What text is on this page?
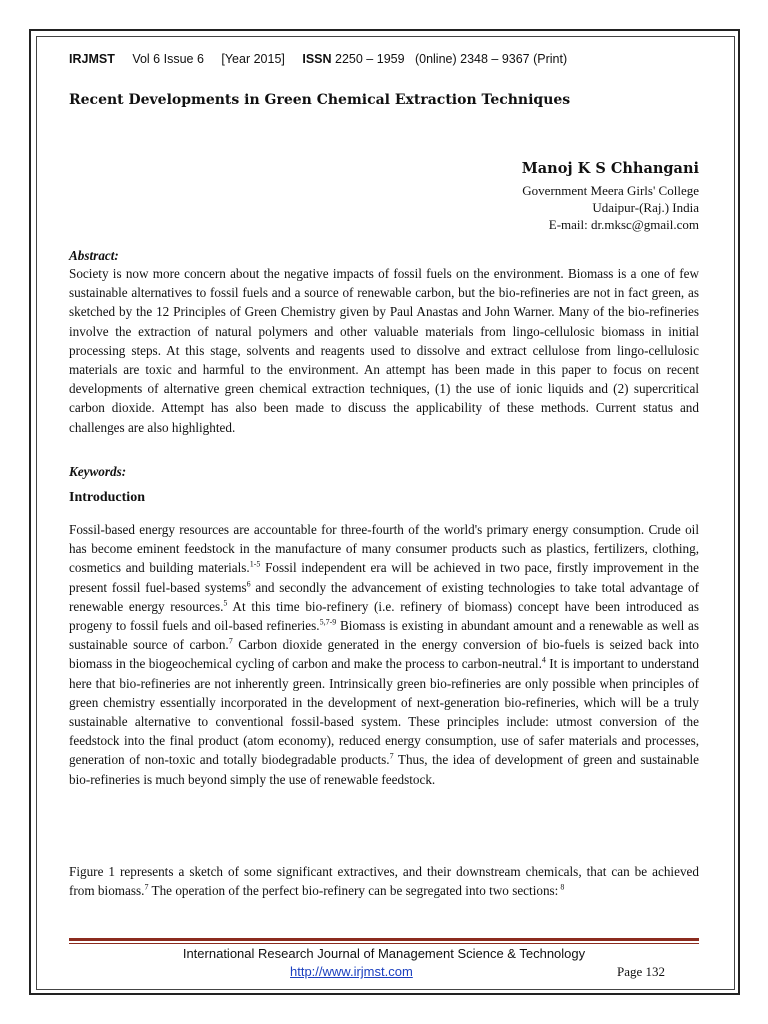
IRJMST Vol 6 Issue 6 [Year 2015] ISSN 2250 – 1959   (0nline) 2348 – 9367 (Print)
Recent Developments in Green Chemical Extraction Techniques
Manoj K S Chhangani
Government Meera Girls' College
Udaipur-(Raj.) India
E-mail: dr.mksc@gmail.com
Abstract:
Society is now more concern about the negative impacts of fossil fuels on the environment. Biomass is a one of few sustainable alternatives to fossil fuels and a source of renewable carbon, but the bio-refineries are not in fact green, as sketched by the 12 Principles of Green Chemistry given by Paul Anastas and John Warner. Many of the bio-refineries involve the extraction of natural polymers and other valuable materials from lingo-cellulosic biomass in initial processing steps. At this stage, solvents and reagents used to dissolve and extract cellulose from lingo-cellulosic materials are toxic and harmful to the environment. An attempt has been made in this paper to focus on recent developments of alternative green chemical extraction techniques, (1) the use of ionic liquids and (2) supercritical carbon dioxide. Attempt has also been made to discuss the applicability of these methods. Current status and challenges are also highlighted.
Keywords:
Introduction
Fossil-based energy resources are accountable for three-fourth of the world's primary energy consumption. Crude oil has become eminent feedstock in the manufacture of many consumer products such as plastics, fertilizers, clothing, cosmetics and building materials.$^{1-5}$ Fossil independent era will be achieved in two pace, firstly improvement in the present fossil fuel-based systems$^6$ and secondly the advancement of existing technologies to take total advantage of renewable energy resources.$^5$ At this time bio-refinery (i.e. refinery of biomass) concept have been introduced as progeny to fossil fuels and oil-based refineries.$^{5,7-9}$ Biomass is existing in abundant amount and a renewable as well as sustainable source of carbon.$^7$ Carbon dioxide generated in the energy conversion of bio-fuels is seized back into biomass in the biogeochemical cycling of carbon and make the process to carbon-neutral.$^4$ It is important to understand here that bio-refineries are not inherently green. Intrinsically green bio-refineries are only possible when principles of green chemistry essentially incorporated in the development of next-generation bio-refineries, which will be a truly sustainable alternative to conventional fossil-based system. These principles include: utmost conversion of the feedstock into the final product (atom economy), reduced energy consumption, use of safer materials and processes, generation of non-toxic and totally biodegradable products.$^7$ Thus, the idea of development of green and sustainable bio-refineries is much beyond simply the use of renewable feedstock.
Figure 1 represents a sketch of some significant extractives, and their downstream chemicals, that can be achieved from biomass.$^7$ The operation of the perfect bio-refinery can be segregated into two sections: $^8$
International Research Journal of Management Science & Technology
http://www.irjmst.com	Page 132
